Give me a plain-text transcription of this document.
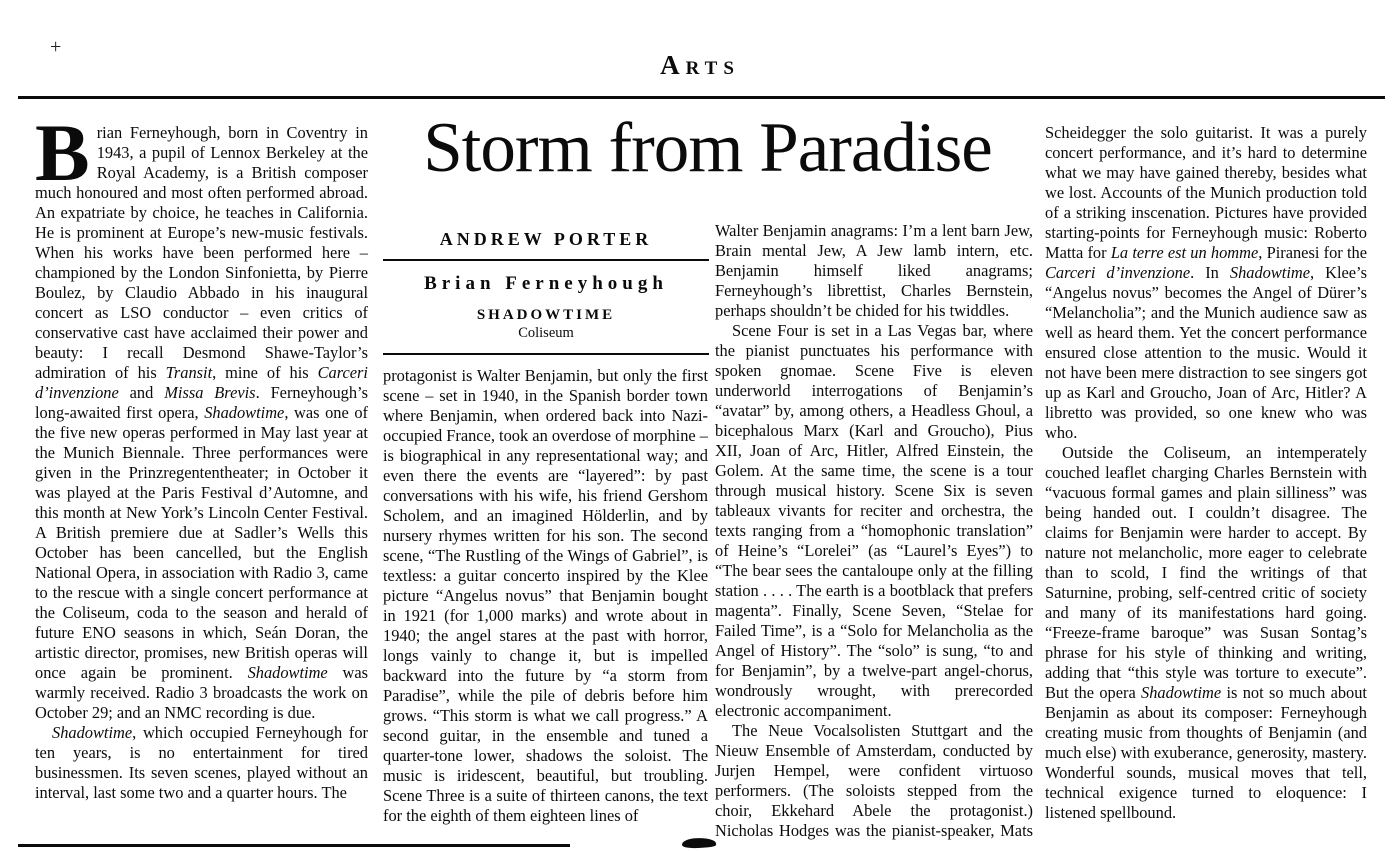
+
Arts
Storm from Paradise
ANDREW PORTER
Brian Ferneyhough
SHADOWTIME
Coliseum

Brian Ferneyhough, born in Coventry in 1943, a pupil of Lennox Berkeley at the Royal Academy, is a British composer much honoured and most often performed abroad. An expatriate by choice, he teaches in California. He is prominent at Europe’s new-music festivals. When his works have been performed here – championed by the London Sinfonietta, by Pierre Boulez, by Claudio Abbado in his inaugural concert as LSO conductor – even critics of conservative cast have acclaimed their power and beauty: I recall Desmond Shawe-Taylor’s admiration of his Transit, mine of his Carceri d’invenzione and Missa Brevis. Ferneyhough’s long-awaited first opera, Shadowtime, was one of the five new operas performed in May last year at the Munich Biennale. Three performances were given in the Prinzregententheater; in October it was played at the Paris Festival d’Automne, and this month at New York’s Lincoln Center Festival. A British premiere due at Sadler’s Wells this October has been cancelled, but the English National Opera, in association with Radio 3, came to the rescue with a single concert performance at the Coliseum, coda to the season and herald of future ENO seasons in which, Seán Doran, the artistic director, promises, new British operas will once again be prominent. Shadowtime was warmly received. Radio 3 broadcasts the work on October 29; and an NMC recording is due.

Shadowtime, which occupied Ferneyhough for ten years, is no entertainment for tired businessmen. Its seven scenes, played without an interval, last some two and a quarter hours. The

protagonist is Walter Benjamin, but only the first scene – set in 1940, in the Spanish border town where Benjamin, when ordered back into Nazi-occupied France, took an overdose of morphine – is biographical in any representational way; and even there the events are “layered”: by past conversations with his wife, his friend Gershom Scholem, and an imagined Hölderlin, and by nursery rhymes written for his son. The second scene, “The Rustling of the Wings of Gabriel”, is textless: a guitar concerto inspired by the Klee picture “Angelus novus” that Benjamin bought in 1921 (for 1,000 marks) and wrote about in 1940; the angel stares at the past with horror, longs vainly to change it, but is impelled backward into the future by “a storm from Paradise”, while the pile of debris before him grows. “This storm is what we call progress.” A second guitar, in the ensemble and tuned a quarter-tone lower, shadows the soloist. The music is iridescent, beautiful, but troubling. Scene Three is a suite of thirteen canons, the text for the eighth of them eighteen lines of

Walter Benjamin anagrams: I’m a lent barn Jew, Brain mental Jew, A Jew lamb intern, etc. Benjamin himself liked anagrams; Ferneyhough’s librettist, Charles Bernstein, perhaps shouldn’t be chided for his twiddles.

Scene Four is set in a Las Vegas bar, where the pianist punctuates his performance with spoken gnomae. Scene Five is eleven underworld interrogations of Benjamin’s “avatar” by, among others, a Headless Ghoul, a bicephalous Marx (Karl and Groucho), Pius XII, Joan of Arc, Hitler, Alfred Einstein, the Golem. At the same time, the scene is a tour through musical history. Scene Six is seven tableaux vivants for reciter and orchestra, the texts ranging from a “homophonic translation” of Heine’s “Lorelei” (as “Laurel’s Eyes”) to “The bear sees the cantaloupe only at the filling station . . . . The earth is a bootblack that prefers magenta”. Finally, Scene Seven, “Stelae for Failed Time”, is a “Solo for Melancholia as the Angel of History”. The “solo” is sung, “to and for Benjamin”, by a twelve-part angel-chorus, wondrously wrought, with prerecorded electronic accompaniment.

The Neue Vocalsolisten Stuttgart and the Nieuw Ensemble of Amsterdam, conducted by Jurjen Hempel, were confident virtuoso performers. (The soloists stepped from the choir, Ekkehard Abele the protagonist.) Nicholas Hodges was the pianist-speaker, Mats

Scheidegger the solo guitarist. It was a purely concert performance, and it’s hard to determine what we may have gained thereby, besides what we lost. Accounts of the Munich production told of a striking inscenation. Pictures have provided starting-points for Ferneyhough music: Roberto Matta for La terre est un homme, Piranesi for the Carceri d’invenzione. In Shadowtime, Klee’s “Angelus novus” becomes the Angel of Dürer’s “Melancholia”; and the Munich audience saw as well as heard them. Yet the concert performance ensured close attention to the music. Would it not have been mere distraction to see singers got up as Karl and Groucho, Joan of Arc, Hitler? A libretto was provided, so one knew who was who.

Outside the Coliseum, an intemperately couched leaflet charging Charles Bernstein with “vacuous formal games and plain silliness” was being handed out. I couldn’t disagree. The claims for Benjamin were harder to accept. By nature not melancholic, more eager to celebrate than to scold, I find the writings of that Saturnine, probing, self-centred critic of society and many of its manifestations hard going. “Freeze-frame baroque” was Susan Sontag’s phrase for his style of thinking and writing, adding that “this style was torture to execute”. But the opera Shadowtime is not so much about Benjamin as about its composer: Ferneyhough creating music from thoughts of Benjamin (and much else) with exuberance, generosity, mastery. Wonderful sounds, musical moves that tell, technical exigence turned to eloquence: I listened spellbound.
